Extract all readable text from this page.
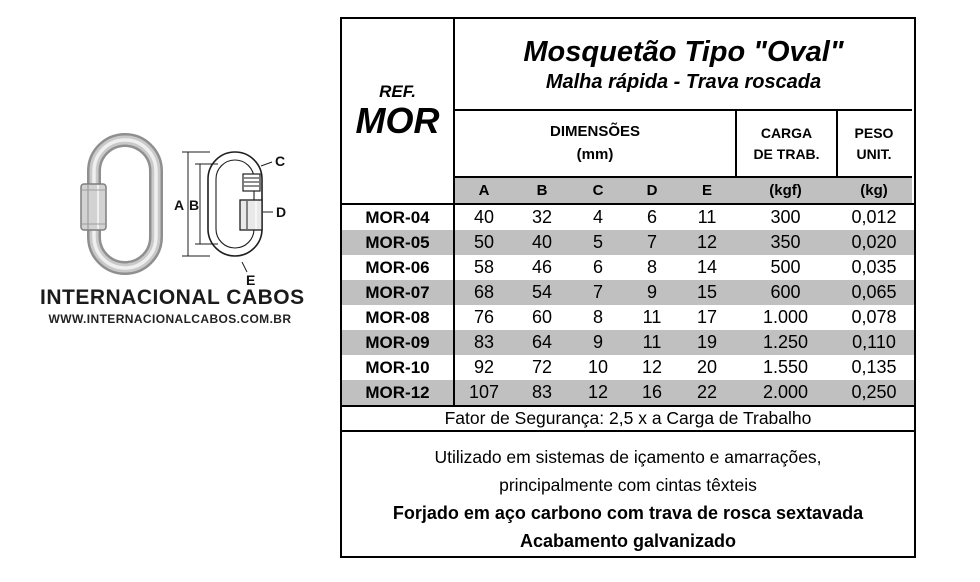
A B
C
D
E
INTERNACIONAL CABOS
WWW.INTERNACIONALCABOS.COM.BR
REF.
MOR
Mosquetão Tipo "Oval"
Malha rápida - Trava roscada
DIMENSÕES
(mm)
CARGA
DE TRAB.
PESO
UNIT.
A	B	C	D	E	(kgf)	(kg)
MOR-04	40	32	4	6	11	300	0,012
MOR-05	50	40	5	7	12	350	0,020
MOR-06	58	46	6	8	14	500	0,035
MOR-07	68	54	7	9	15	600	0,065
MOR-08	76	60	8	11	17	1.000	0,078
MOR-09	83	64	9	11	19	1.250	0,110
MOR-10	92	72	10	12	20	1.550	0,135
MOR-12	107	83	12	16	22	2.000	0,250
Fator de Segurança: 2,5 x a Carga de Trabalho
Utilizado em sistemas de içamento e amarrações,
principalmente com cintas têxteis
Forjado em aço carbono com trava de rosca sextavada
Acabamento galvanizado
